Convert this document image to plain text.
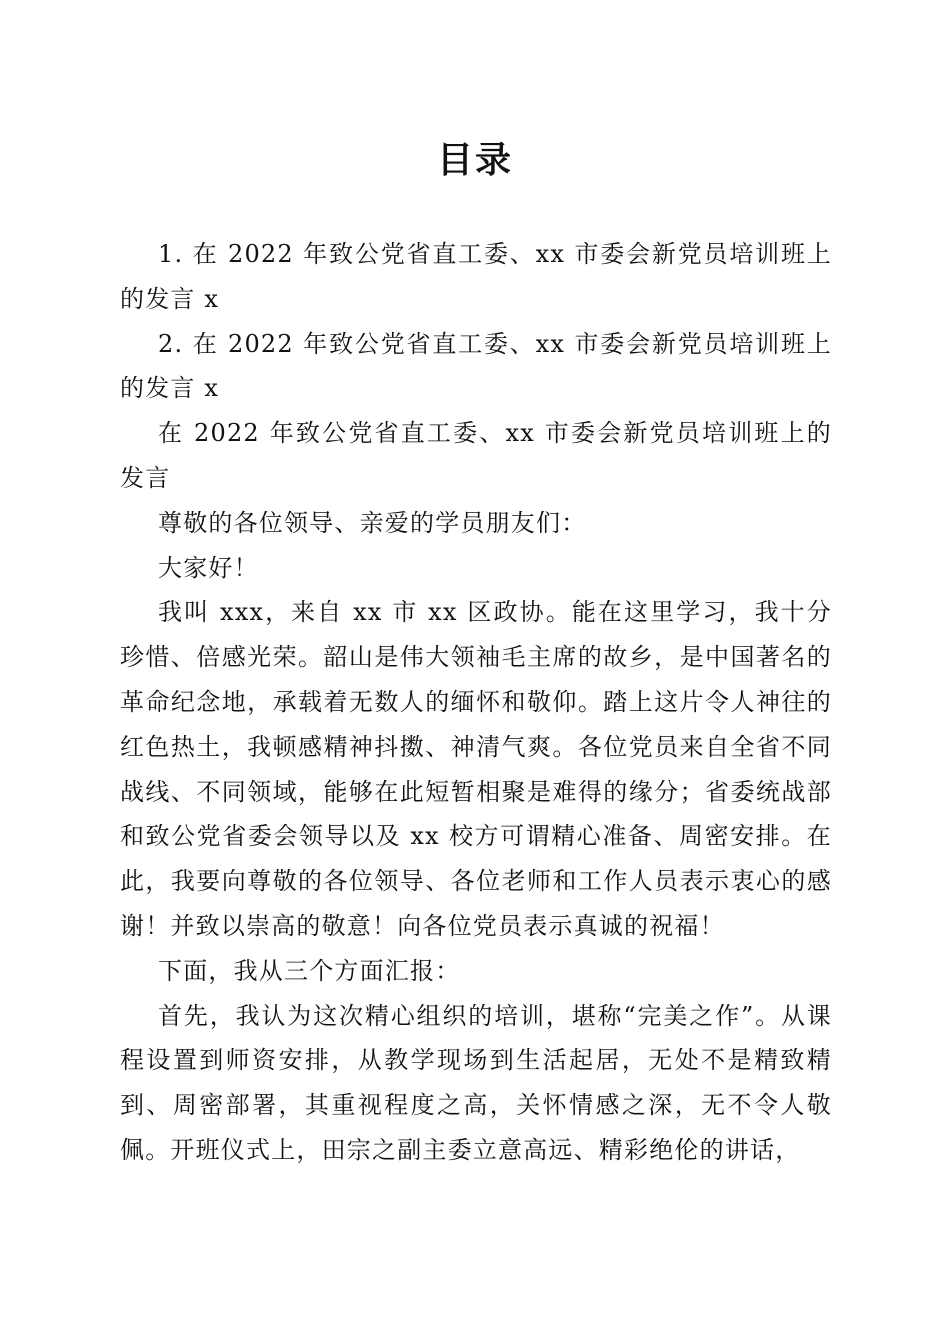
目录

1. 在 2022 年致公党省直工委、xx 市委会新党员培训班上的发言 x

2. 在 2022 年致公党省直工委、xx 市委会新党员培训班上的发言 x

在 2022 年致公党省直工委、xx 市委会新党员培训班上的发言

尊敬的各位领导、亲爱的学员朋友们：

大家好！

我叫 xxx，来自 xx 市 xx 区政协。能在这里学习，我十分珍惜、倍感光荣。韶山是伟大领袖毛主席的故乡，是中国著名的革命纪念地，承载着无数人的缅怀和敬仰。踏上这片令人神往的红色热土，我顿感精神抖擞、神清气爽。各位党员来自全省不同战线、不同领域，能够在此短暂相聚是难得的缘分；省委统战部和致公党省委会领导以及 xx 校方可谓精心准备、周密安排。在此，我要向尊敬的各位领导、各位老师和工作人员表示衷心的感谢！并致以崇高的敬意！向各位党员表示真诚的祝福！

下面，我从三个方面汇报：

首先，我认为这次精心组织的培训，堪称“完美之作”。从课程设置到师资安排，从教学现场到生活起居，无处不是精致精到、周密部署，其重视程度之高，关怀情感之深，无不令人敬佩。开班仪式上，田宗之副主委立意高远、精彩绝伦的讲话，
